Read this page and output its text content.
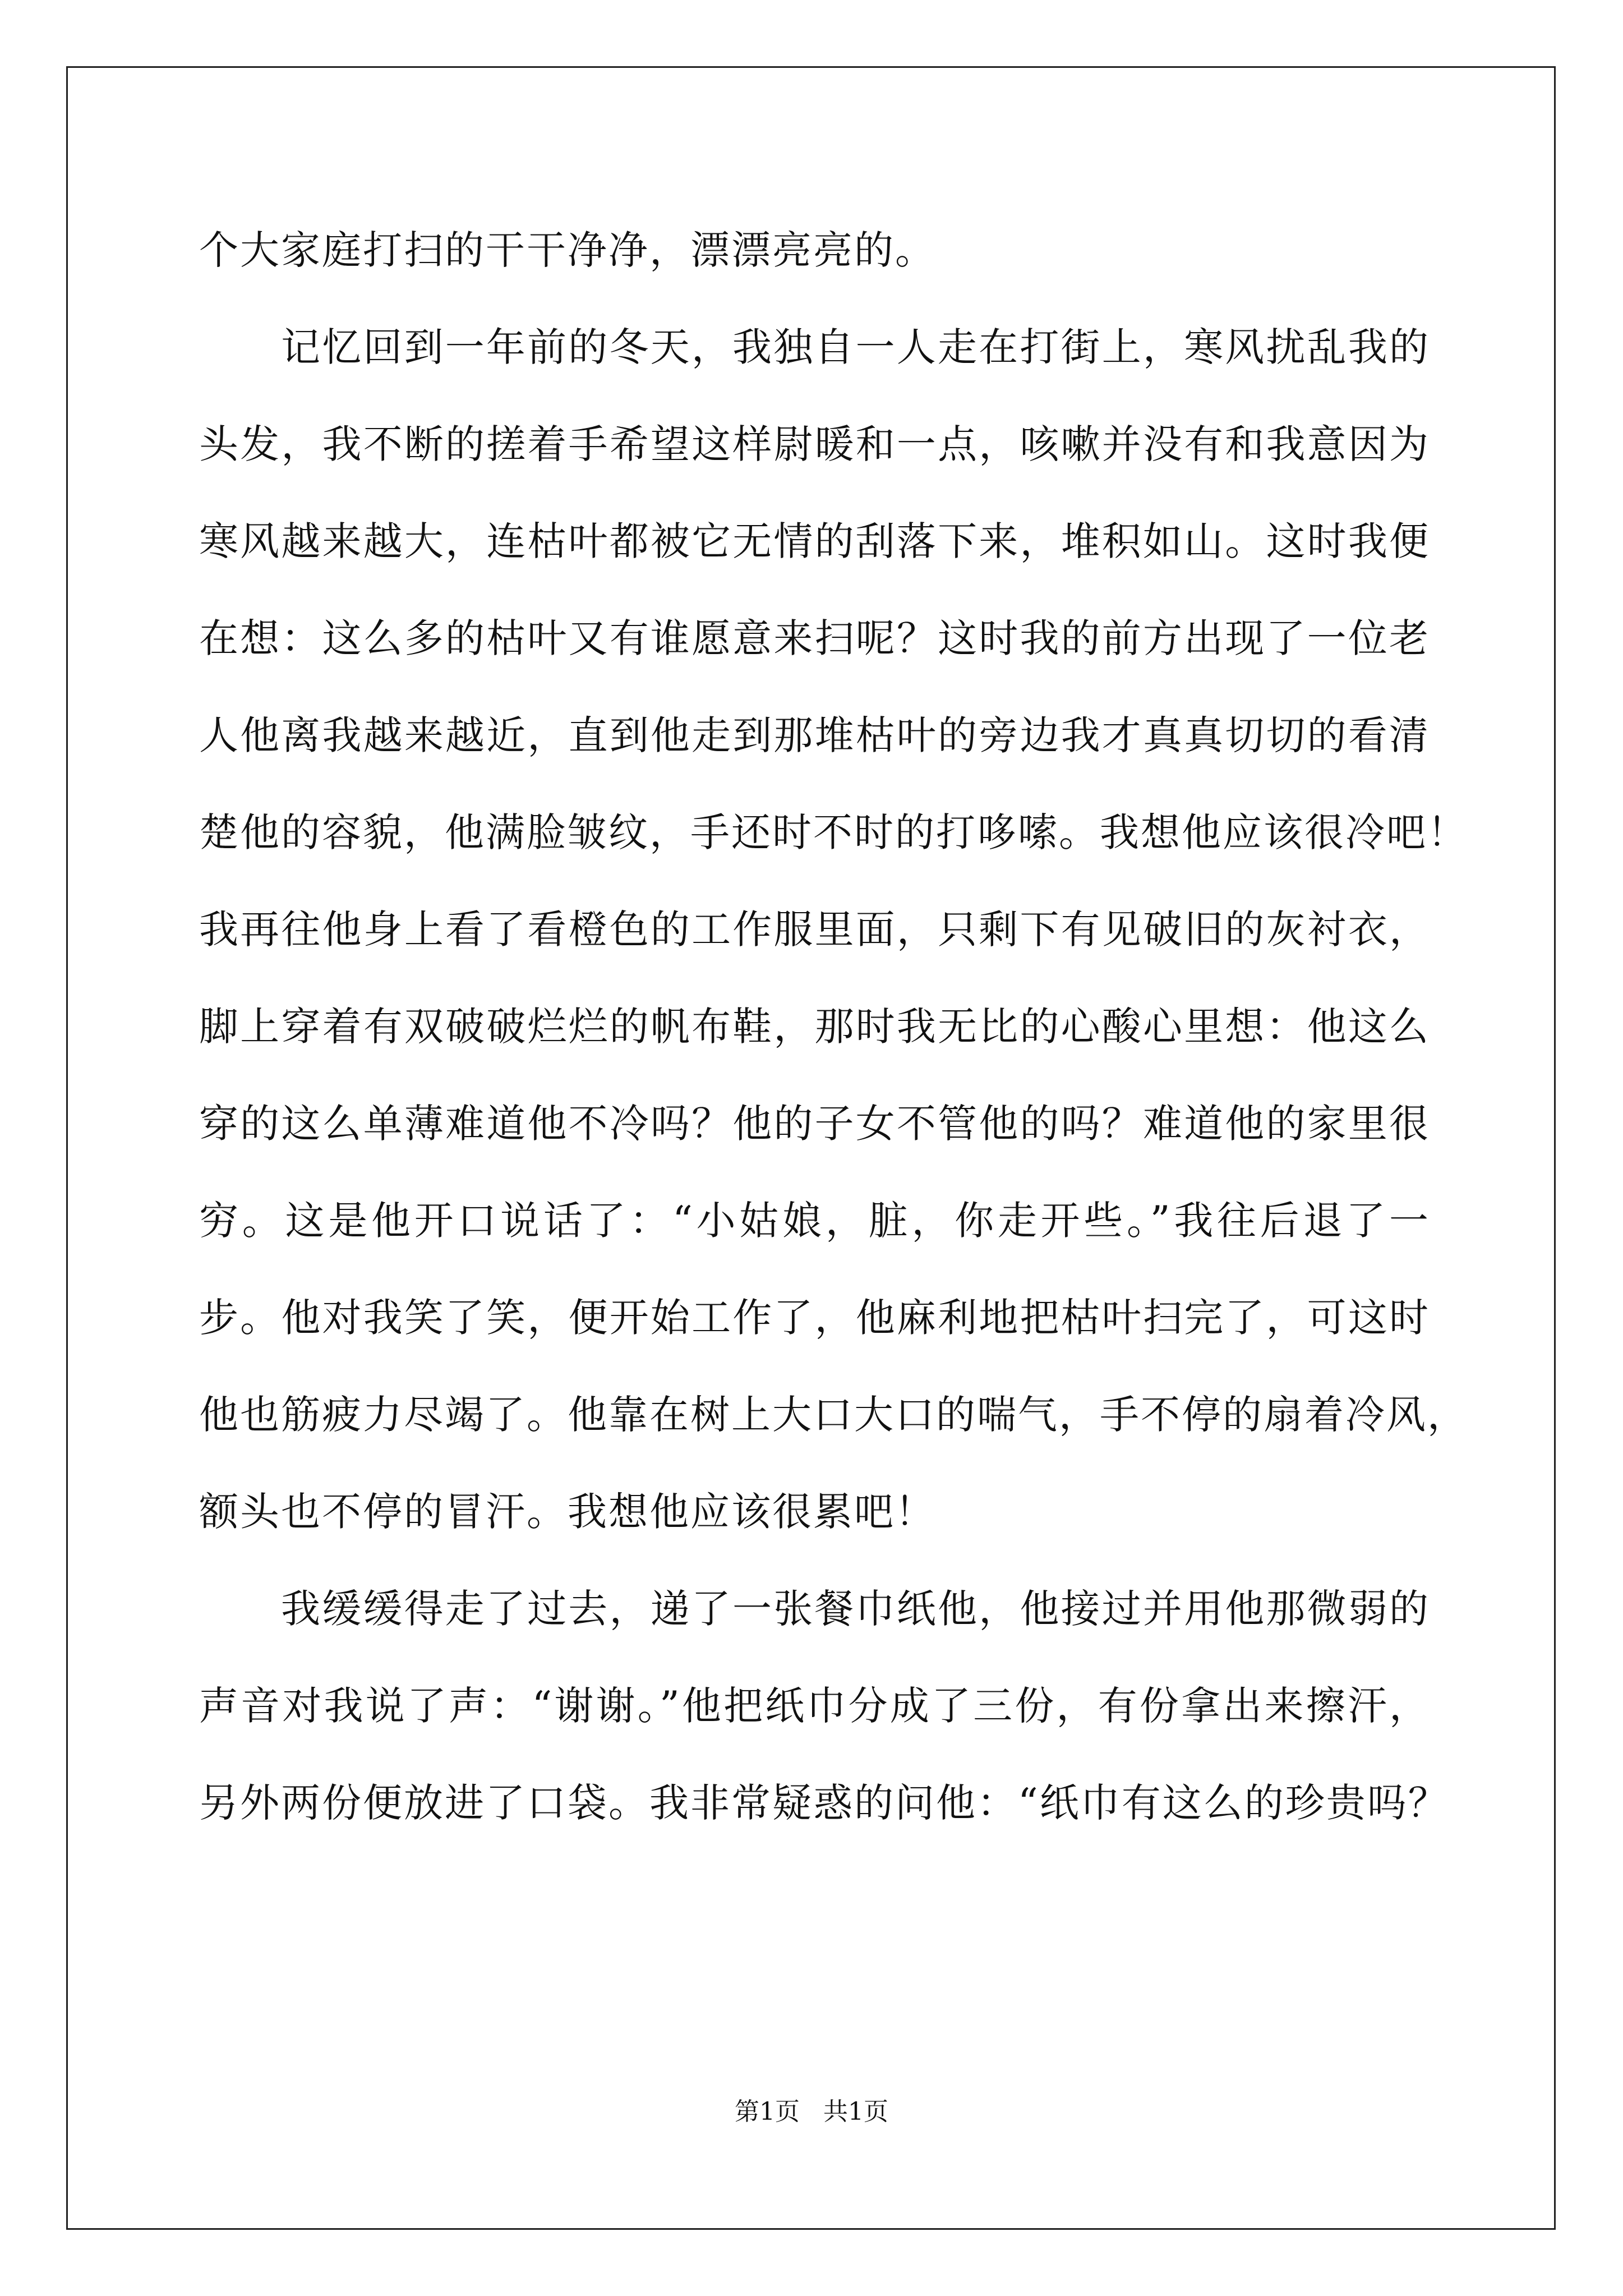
个大家庭打扫的干干净净，漂漂亮亮的。
记忆回到一年前的冬天，我独自一人走在打街上，寒风扰乱我的
头发，我不断的搓着手希望这样尉暖和一点，咳嗽并没有和我意因为
寒风越来越大，连枯叶都被它无情的刮落下来，堆积如山。这时我便
在想：这么多的枯叶又有谁愿意来扫呢？这时我的前方出现了一位老
人他离我越来越近，直到他走到那堆枯叶的旁边我才真真切切的看清
楚他的容貌，他满脸皱纹，手还时不时的打哆嗦。我想他应该很冷吧！
我再往他身上看了看橙色的工作服里面，只剩下有见破旧的灰衬衣，
脚上穿着有双破破烂烂的帆布鞋，那时我无比的心酸心里想：他这么
穿的这么单薄难道他不冷吗？他的子女不管他的吗？难道他的家里很
穷。这是他开口说话了：“小姑娘，脏，你走开些。”我往后退了一
步。他对我笑了笑，便开始工作了，他麻利地把枯叶扫完了，可这时
他也筋疲力尽竭了。他靠在树上大口大口的喘气，手不停的扇着冷风，
额头也不停的冒汗。我想他应该很累吧！
我缓缓得走了过去，递了一张餐巾纸他，他接过并用他那微弱的
声音对我说了声：“谢谢。”他把纸巾分成了三份，有份拿出来擦汗，
另外两份便放进了口袋。我非常疑惑的问他：“纸巾有这么的珍贵吗？
第1页 共1页
